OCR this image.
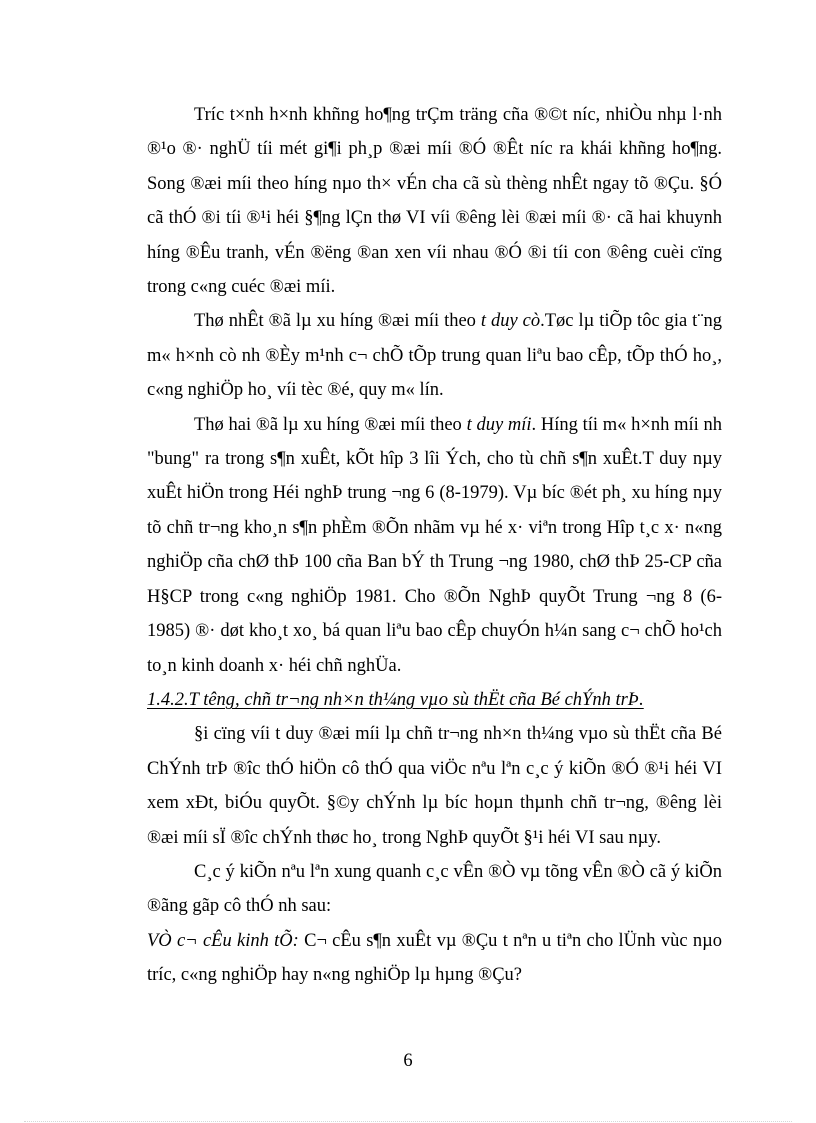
Tríc t×nh h×nh khñng ho¶ng trÇm träng cña ®©t níc, nhiÒu nhµ l·nh ®¹o ®· nghÜ tíi mét gi¶i ph¸p ®æi míi ®Ó ®Êt níc ra khái khñng ho¶ng. Song ®æi míi theo híng nµo th× vÉn cha cã sù thèng nhÊt ngay tõ ®Çu. §Ó cã thÓ ®i tíi ®¹i héi §¶ng lÇn thø VI víi ®êng lèi ®æi míi ®· cã hai khuynh híng ®Êu tranh, vÉn ®ëng ®an xen víi nhau ®Ó ®i tíi con ®êng cuèi cïng trong c«ng cuéc ®æi míi.

Thø nhÊt ®ã lµ xu híng ®æi míi theo t duy cò.Tøc lµ tiÕp tôc gia t¨ng m« h×nh cò nh ®Èy m¹nh c¬ chÕ tÕp trung quan liªu bao cÊp, tÕp thÓ ho¸, c«ng nghiÖp ho¸ víi tèc ®é, quy m« lín.

Thø hai ®ã lµ xu híng ®æi míi theo t duy míi. Híng tíi m« h×nh míi nh "bung" ra trong s¶n xuÊt, kÕt hîp 3 lîi Ých, cho tù chñ s¶n xuÊt.T duy nµy xuÊt hiÖn trong Héi nghÞ trung ¬ng 6 (8-1979). Vµ bíc ®ét ph¸ xu híng nµy tõ chñ tr¬ng kho¸n s¶n phÈm ®Õn nhãm vµ hé x· viªn trong Hîp t¸c x· n«ng nghiÖp cña chØ thÞ 100 cña Ban bÝ th Trung ¬ng 1980, chØ thÞ 25-CP cña H§CP trong c«ng nghiÖp 1981. Cho ®Õn NghÞ quyÕt Trung ¬ng 8 (6-1985) ®· døt kho¸t xo¸ bá quan liªu bao cÊp chuyÓn h¼n sang c¬ chÕ ho¹ch to¸n kinh doanh x· héi chñ nghÜa.

1.4.2.T têng, chñ tr¬ng nh×n th¼ng vµo sù thËt cña Bé chÝnh trÞ.

§i cïng víi t duy ®æi míi lµ chñ tr¬ng nh×n th¼ng vµo sù thËt cña Bé ChÝnh trÞ ®îc thÓ hiÖn cô thÓ qua viÖc nªu lªn c¸c ý kiÕn ®Ó ®¹i héi VI xem xÐt, biÓu quyÕt. §©y chÝnh lµ bíc hoµn thµnh chñ tr¬ng, ®êng lèi ®æi míi sÏ ®îc chÝnh thøc ho¸ trong NghÞ quyÕt §¹i héi VI sau nµy.

C¸c ý kiÕn nªu lªn xung quanh c¸c vÊn ®Ò vµ tõng vÊn ®Ò cã ý kiÕn ®ãng gãp cô thÓ nh sau:

VÒ c¬ cÊu kinh tÕ: C¬ cÊu s¶n xuÊt vµ ®Çu t nªn u tiªn cho lÜnh vùc nµo tríc, c«ng nghiÖp hay n«ng nghiÖp lµ hµng ®Çu?

6
